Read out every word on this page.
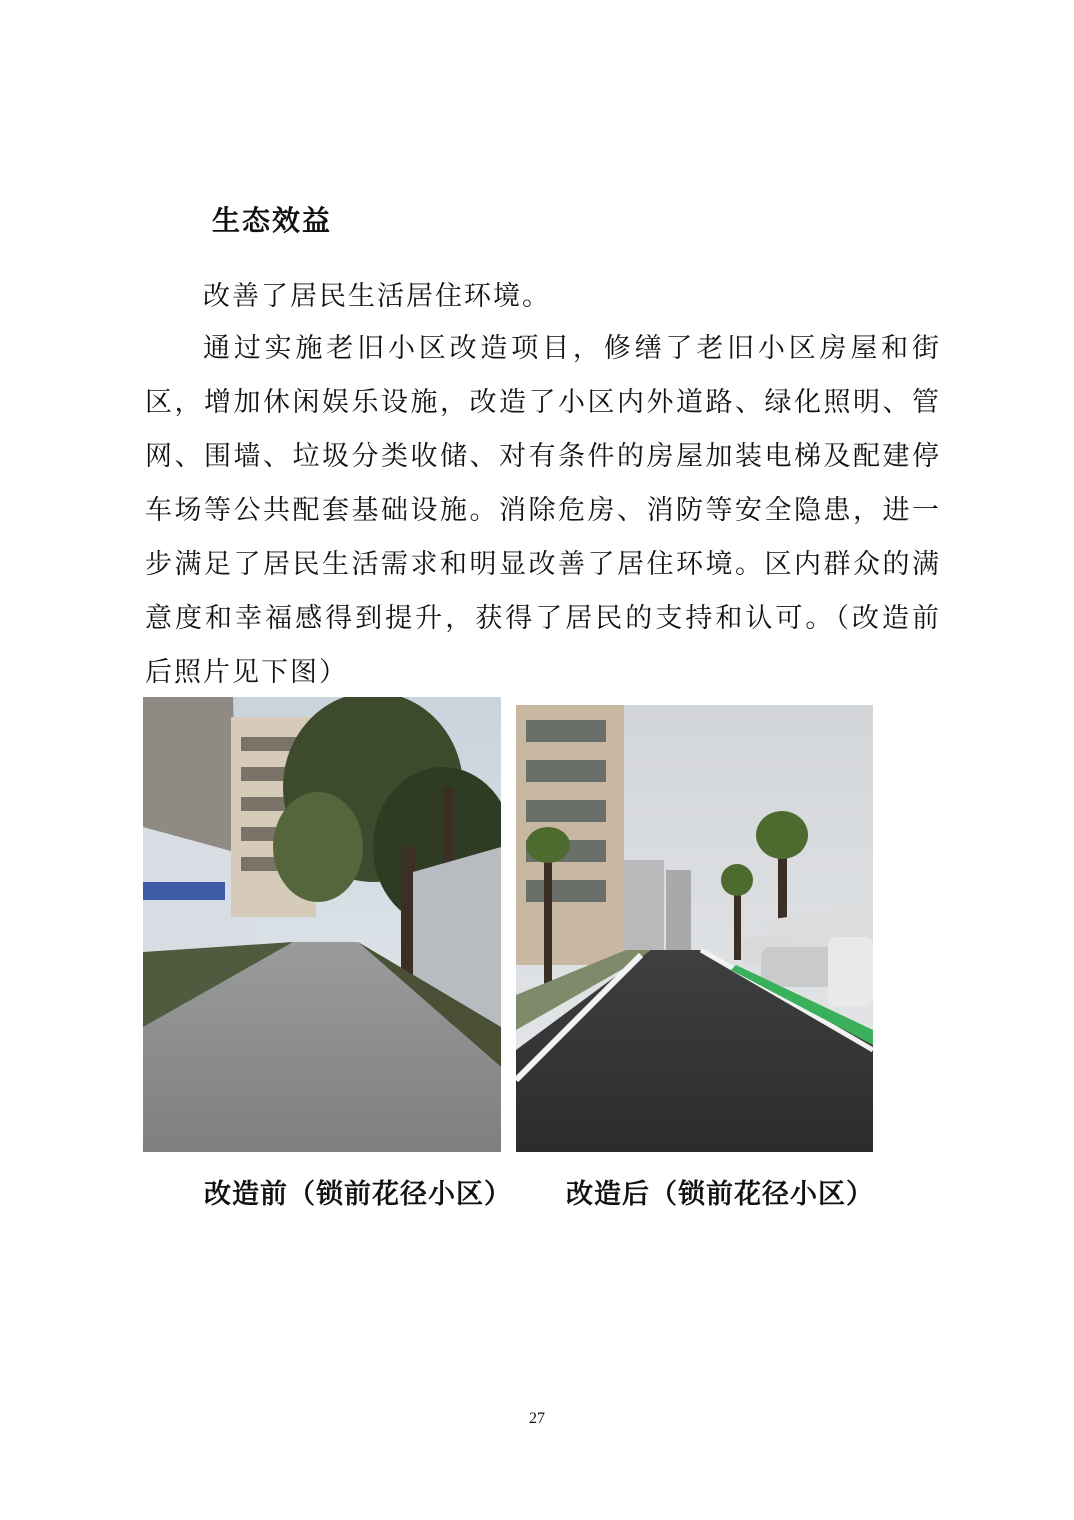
生态效益

改善了居民生活居住环境。

通过实施老旧小区改造项目，修缮了老旧小区房屋和街区，增加休闲娱乐设施，改造了小区内外道路、绿化照明、管网、围墙、垃圾分类收储、对有条件的房屋加装电梯及配建停车场等公共配套基础设施。消除危房、消防等安全隐患，进一步满足了居民生活需求和明显改善了居住环境。区内群众的满意度和幸福感得到提升，获得了居民的支持和认可。（改造前后照片见下图）

改造前（锁前花径小区） 改造后（锁前花径小区）
27
